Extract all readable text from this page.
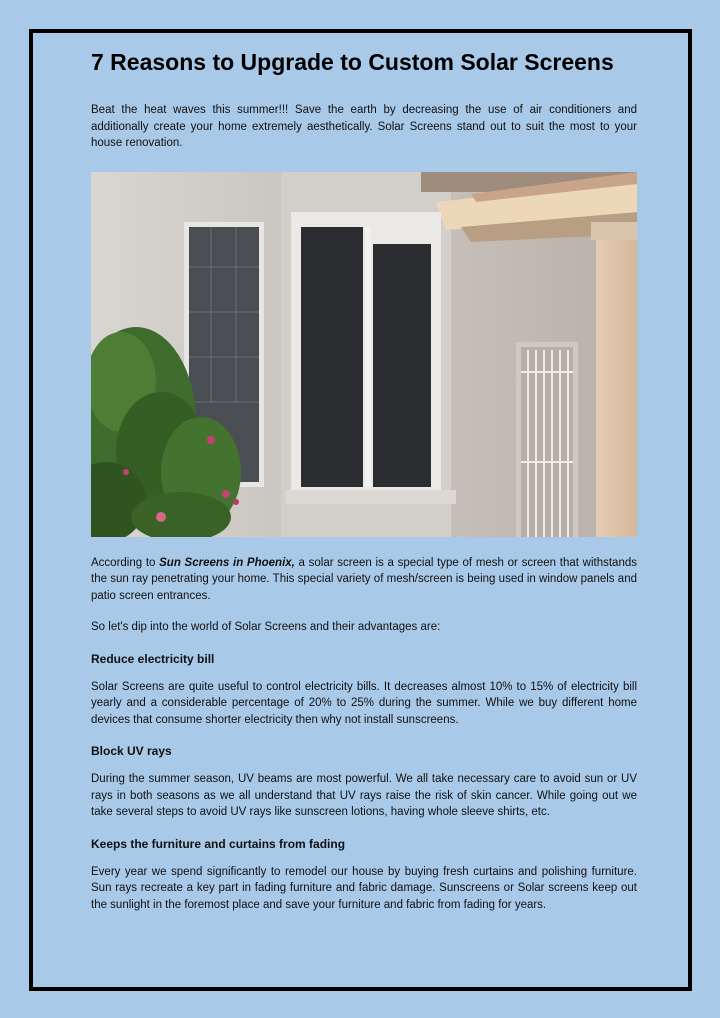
7 Reasons to Upgrade to Custom Solar Screens

Beat the heat waves this summer!!! Save the earth by decreasing the use of air conditioners and additionally create your home extremely aesthetically. Solar Screens stand out to suit the most to your house renovation.

According to Sun Screens in Phoenix, a solar screen is a special type of mesh or screen that withstands the sun ray penetrating your home. This special variety of mesh/screen is being used in window panels and patio screen entrances.

So let's dip into the world of Solar Screens and their advantages are:

Reduce electricity bill

Solar Screens are quite useful to control electricity bills. It decreases almost 10% to 15% of electricity bill yearly and a considerable percentage of 20% to 25% during the summer. While we buy different home devices that consume shorter electricity then why not install sunscreens.

Block UV rays

During the summer season, UV beams are most powerful. We all take necessary care to avoid sun or UV rays in both seasons as we all understand that UV rays raise the risk of skin cancer. While going out we take several steps to avoid UV rays like sunscreen lotions, having whole sleeve shirts, etc.

Keeps the furniture and curtains from fading

Every year we spend significantly to remodel our house by buying fresh curtains and polishing furniture. Sun rays recreate a key part in fading furniture and fabric damage. Sunscreens or Solar screens keep out the sunlight in the foremost place and save your furniture and fabric from fading for years.
